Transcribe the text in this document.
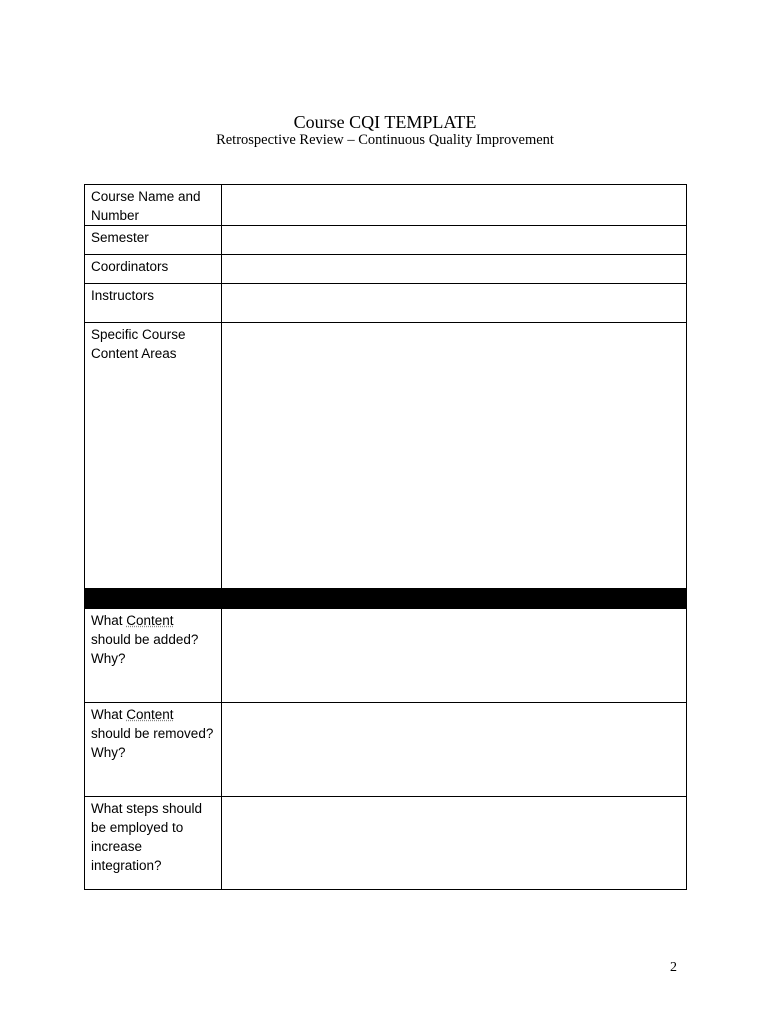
Course CQI TEMPLATE
Retrospective Review – Continuous Quality Improvement
Course Name and Number	

Semester	

Coordinators	

Instructors	

Specific Course Content Areas	

What Content should be added? Why?	

What Content should be removed? Why?	

What steps should be employed to increase integration?	

2
